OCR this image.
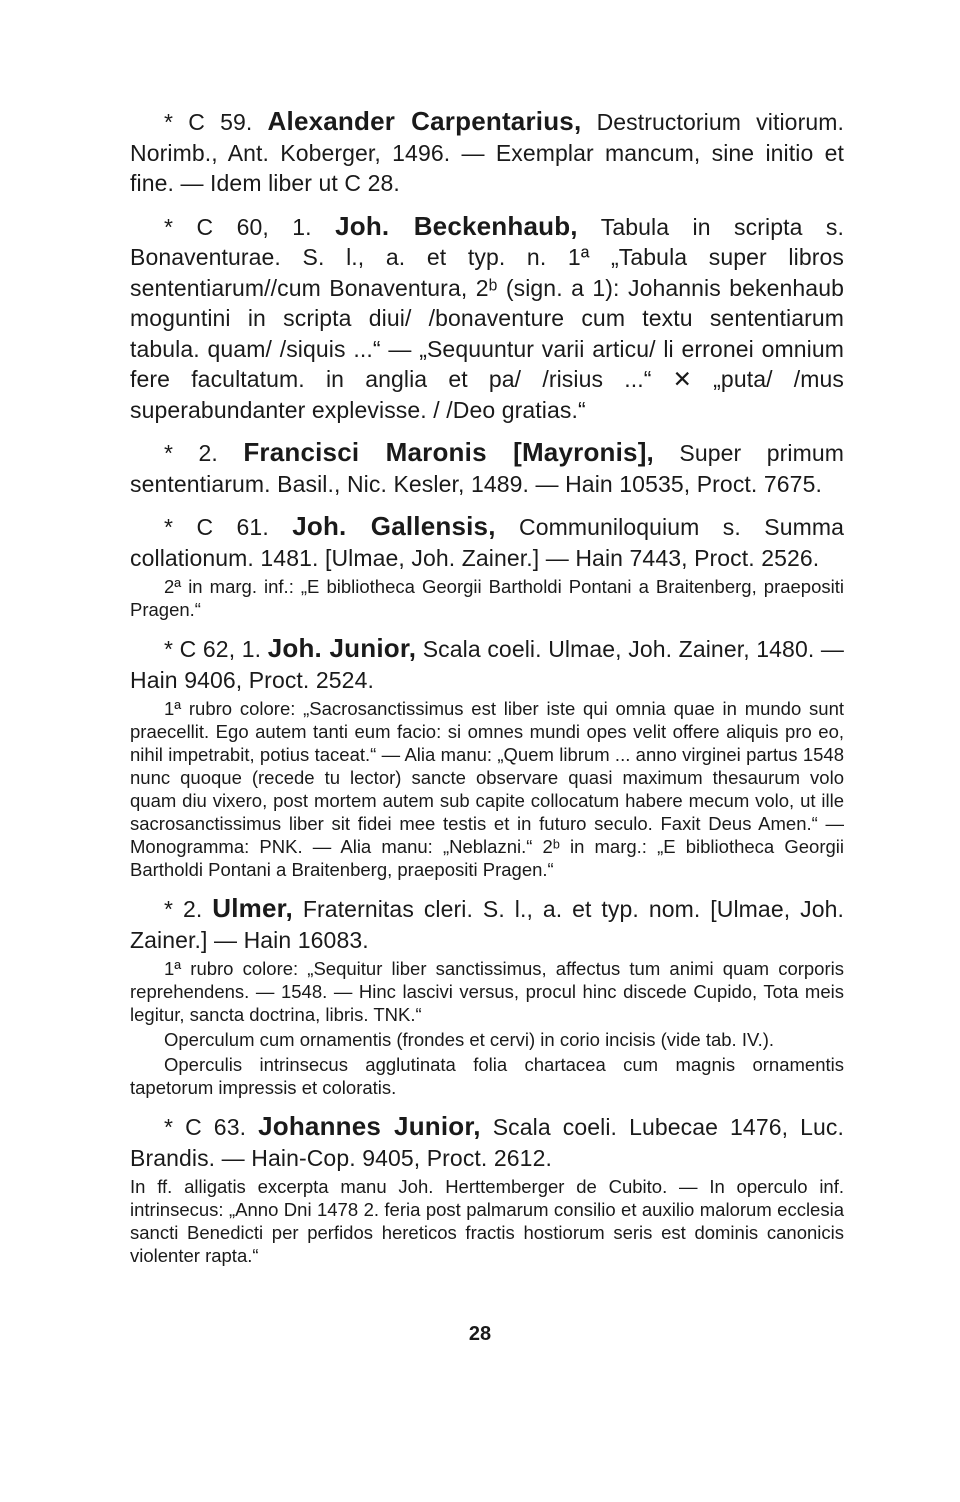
* C 59. Alexander Carpentarius, Destructorium vitiorum. Norimb., Ant. Koberger, 1496. — Exemplar mancum, sine initio et fine. — Idem liber ut C 28.

* C 60, 1. Joh. Beckenhaub, Tabula in scripta s. Bonaventurae. S. l., a. et typ. n. 1ª „Tabula super libros sententiarum//cum Bonaventura, 2ᵇ (sign. a 1): Johannis bekenhaub moguntini in scripta diui/ /bonaventure cum textu sententiarum tabula. quam/ /siquis ...“ — „Sequuntur varii articu/ li erronei omnium fere facultatum. in anglia et pa/ /risius ...“ ✕ „puta/ /mus superabundanter explevisse. / /Deo gratias.“

* 2. Francisci Maronis [Mayronis], Super primum sententiarum. Basil., Nic. Kesler, 1489. — Hain 10535, Proct. 7675.

* C 61. Joh. Gallensis, Communiloquium s. Summa collationum. 1481. [Ulmae, Joh. Zainer.] — Hain 7443, Proct. 2526.

2ª in marg. inf.: „E bibliotheca Georgii Bartholdi Pontani a Braitenberg, praepositi Pragen.“

* C 62, 1. Joh. Junior, Scala coeli. Ulmae, Joh. Zainer, 1480. — Hain 9406, Proct. 2524.

1ª rubro colore: „Sacrosanctissimus est liber iste qui omnia quae in mundo sunt praecellit. Ego autem tanti eum facio: si omnes mundi opes velit offere aliquis pro eo, nihil impetrabit, potius taceat.“ — Alia manu: „Quem librum ... anno virginei partus 1548 nunc quoque (recede tu lector) sancte observare quasi maximum thesaurum volo quam diu vixero, post mortem autem sub capite collocatum habere mecum volo, ut ille sacrosanctissimus liber sit fidei mee testis et in futuro seculo. Faxit Deus Amen.“ — Monogramma: PNK. — Alia manu: „Neblazni.“ 2ᵇ in marg.: „E bibliotheca Georgii Bartholdi Pontani a Braitenberg, praepositi Pragen.“

* 2. Ulmer, Fraternitas cleri. S. l., a. et typ. nom. [Ulmae, Joh. Zainer.] — Hain 16083.

1ª rubro colore: „Sequitur liber sanctissimus, affectus tum animi quam corporis reprehendens. — 1548. — Hinc lascivi versus, procul hinc discede Cupido, Tota meis legitur, sancta doctrina, libris. TNK.“

Operculum cum ornamentis (frondes et cervi) in corio incisis (vide tab. IV.).

Operculis intrinsecus agglutinata folia chartacea cum magnis ornamentis tapetorum impressis et coloratis.

* C 63. Johannes Junior, Scala coeli. Lubecae 1476, Luc. Brandis. — Hain-Cop. 9405, Proct. 2612.

In ff. alligatis excerpta manu Joh. Herttemberger de Cubito. — In operculo inf. intrinsecus: „Anno Dni 1478 2. feria post palmarum consilio et auxilio malorum ecclesia sancti Benedicti per perfidos hereticos fractis hostiorum seris est dominis canonicis violenter rapta.“

28
